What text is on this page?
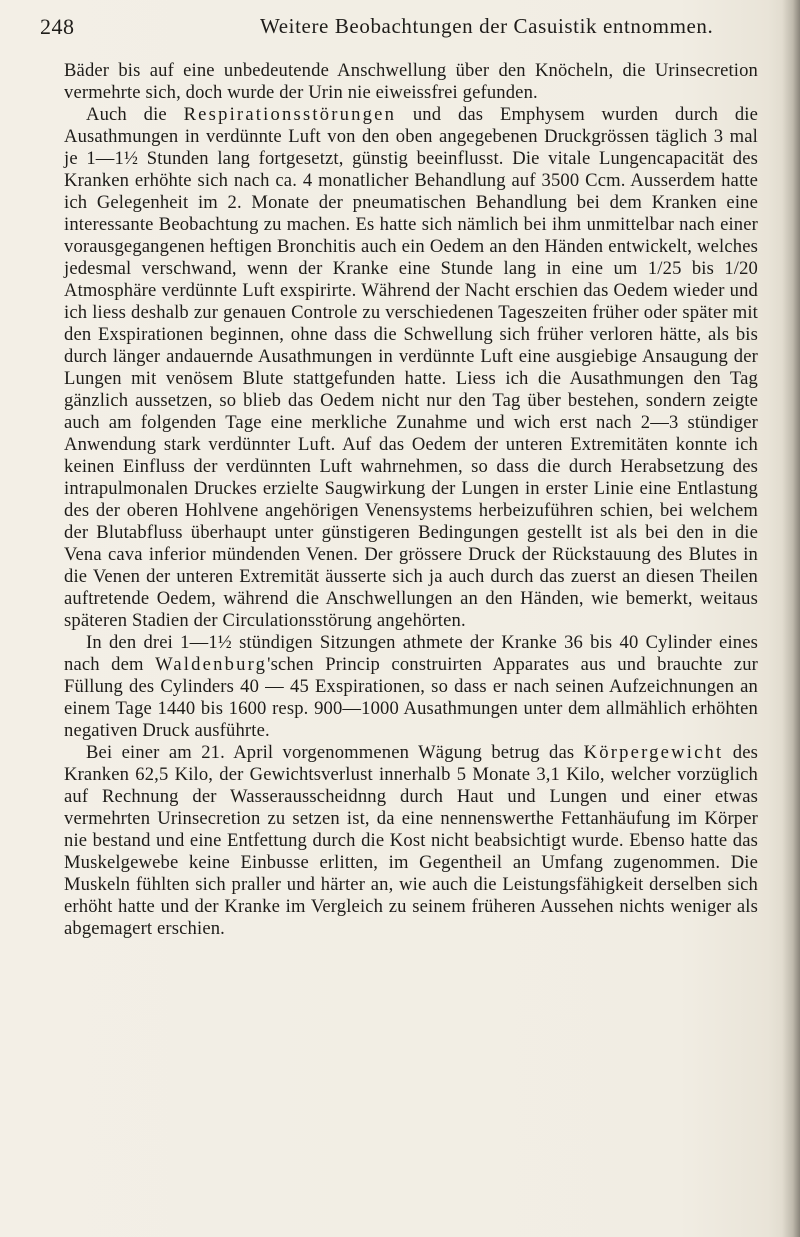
248	Weitere Beobachtungen der Casuistik entnommen.

Bäder bis auf eine unbedeutende Anschwellung über den Knöcheln, die Urinsecretion vermehrte sich, doch wurde der Urin nie eiweissfrei gefunden.

Auch die Respirationsstörungen und das Emphysem wurden durch die Ausathmungen in verdünnte Luft von den oben angegebenen Druckgrössen täglich 3 mal je 1—1½ Stunden lang fortgesetzt, günstig beeinflusst. Die vitale Lungencapacität des Kranken erhöhte sich nach ca. 4 monatlicher Behandlung auf 3500 Ccm. Ausserdem hatte ich Gelegenheit im 2. Monate der pneumatischen Behandlung bei dem Kranken eine interessante Beobachtung zu machen. Es hatte sich nämlich bei ihm unmittelbar nach einer vorausgegangenen heftigen Bronchitis auch ein Oedem an den Händen entwickelt, welches jedesmal verschwand, wenn der Kranke eine Stunde lang in eine um 1/25 bis 1/20 Atmosphäre verdünnte Luft exspirirte. Während der Nacht erschien das Oedem wieder und ich liess deshalb zur genauen Controle zu verschiedenen Tageszeiten früher oder später mit den Exspirationen beginnen, ohne dass die Schwellung sich früher verloren hätte, als bis durch länger andauernde Ausathmungen in verdünnte Luft eine ausgiebige Ansaugung der Lungen mit venösem Blute stattgefunden hatte. Liess ich die Ausathmungen den Tag gänzlich aussetzen, so blieb das Oedem nicht nur den Tag über bestehen, sondern zeigte auch am folgenden Tage eine merkliche Zunahme und wich erst nach 2—3 stündiger Anwendung stark verdünnter Luft. Auf das Oedem der unteren Extremitäten konnte ich keinen Einfluss der verdünnten Luft wahrnehmen, so dass die durch Herabsetzung des intrapulmonalen Druckes erzielte Saugwirkung der Lungen in erster Linie eine Entlastung des der oberen Hohlvene angehörigen Venensystems herbeizuführen schien, bei welchem der Blutabfluss überhaupt unter günstigeren Bedingungen gestellt ist als bei den in die Vena cava inferior mündenden Venen. Der grössere Druck der Rückstauung des Blutes in die Venen der unteren Extremität äusserte sich ja auch durch das zuerst an diesen Theilen auftretende Oedem, während die Anschwellungen an den Händen, wie bemerkt, weitaus späteren Stadien der Circulationsstörung angehörten.

In den drei 1—1½ stündigen Sitzungen athmete der Kranke 36 bis 40 Cylinder eines nach dem Waldenburg'schen Princip construirten Apparates aus und brauchte zur Füllung des Cylinders 40 — 45 Exspirationen, so dass er nach seinen Aufzeichnungen an einem Tage 1440 bis 1600 resp. 900—1000 Ausathmungen unter dem allmählich erhöhten negativen Druck ausführte.

Bei einer am 21. April vorgenommenen Wägung betrug das Körpergewicht des Kranken 62,5 Kilo, der Gewichtsverlust innerhalb 5 Monate 3,1 Kilo, welcher vorzüglich auf Rechnung der Wasserausscheidnng durch Haut und Lungen und einer etwas vermehrten Urinsecretion zu setzen ist, da eine nennenswerthe Fettanhäufung im Körper nie bestand und eine Entfettung durch die Kost nicht beabsichtigt wurde. Ebenso hatte das Muskelgewebe keine Einbusse erlitten, im Gegentheil an Umfang zugenommen. Die Muskeln fühlten sich praller und härter an, wie auch die Leistungsfähigkeit derselben sich erhöht hatte und der Kranke im Vergleich zu seinem früheren Aussehen nichts weniger als abgemagert erschien.
